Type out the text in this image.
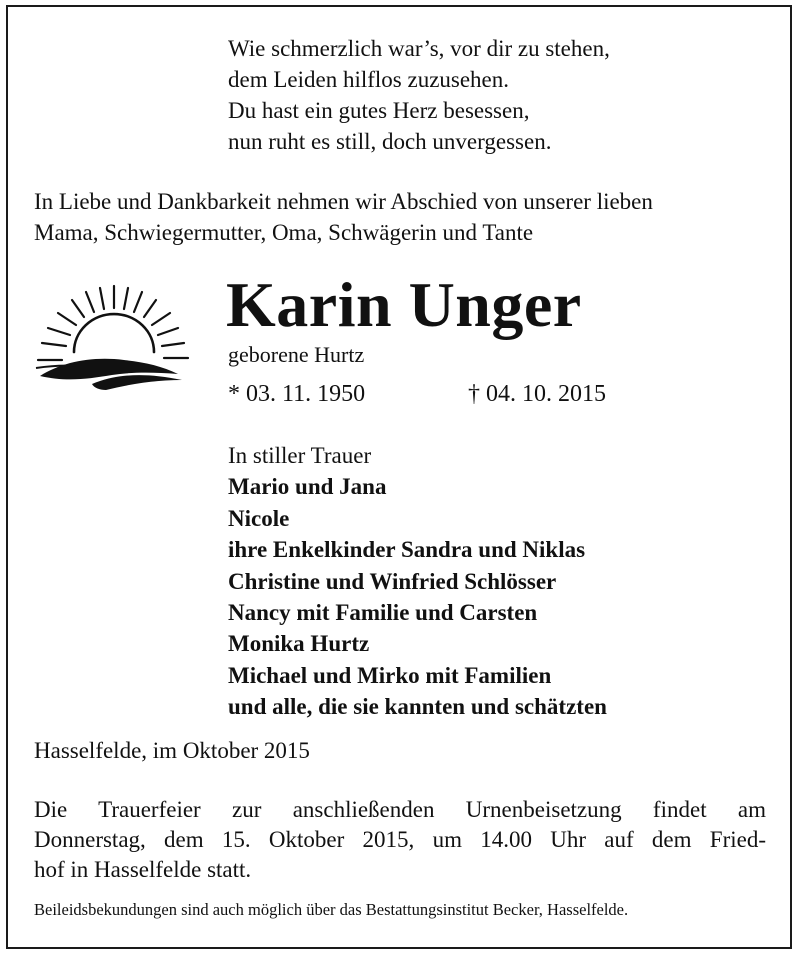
Wie schmerzlich war’s, vor dir zu stehen,
dem Leiden hilflos zuzusehen.
Du hast ein gutes Herz besessen,
nun ruht es still, doch unvergessen.
In Liebe und Dankbarkeit nehmen wir Abschied von unserer lieben
Mama, Schwiegermutter, Oma, Schwägerin und Tante
Karin Unger
geborene Hurtz
* 03. 11. 1950	† 04. 10. 2015
In stiller Trauer
Mario und Jana
Nicole
ihre Enkelkinder Sandra und Niklas
Christine und Winfried Schlösser
Nancy mit Familie und Carsten
Monika Hurtz
Michael und Mirko mit Familien
und alle, die sie kannten und schätzten
Hasselfelde, im Oktober 2015
Die Trauerfeier zur anschließenden Urnenbeisetzung findet am
Donnerstag, dem 15. Oktober 2015, um 14.00 Uhr auf dem Fried-
hof in Hasselfelde statt.
Beileidsbekundungen sind auch möglich über das Bestattungsinstitut Becker, Hasselfelde.
